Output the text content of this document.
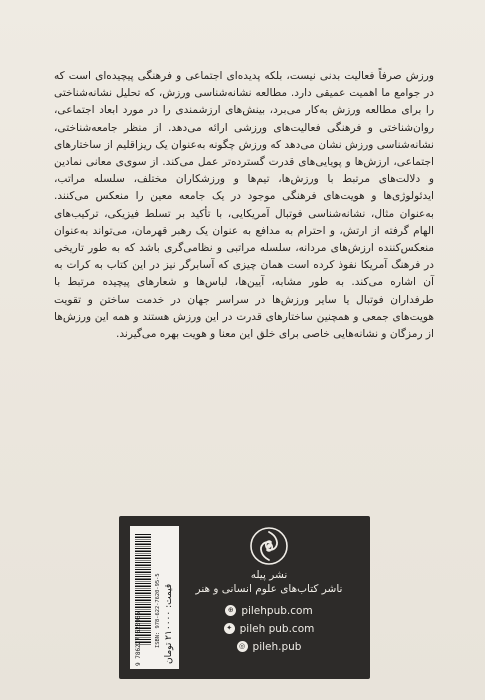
ورزش صرفاً فعالیت بدنی نیست، بلکه پدیده‌ای اجتماعی و فرهنگی پیچیده‌ای است که در جوامع ما اهمیت عمیقی دارد. مطالعه نشانه‌شناسی ورزش، که تحلیل نشانه‌شناختی را برای مطالعه ورزش به‌کار می‌برد، بینش‌های ارزشمندی را در مورد ابعاد اجتماعی، روان‌شناختی و فرهنگی فعالیت‌های ورزشی ارائه می‌دهد. از منظر جامعه‌شناختی، نشانه‌شناسی ورزش نشان می‌دهد که ورزش چگونه به‌عنوان یک ریزاقلیم از ساختارهای اجتماعی، ارزش‌ها و پویایی‌های قدرت گسترده‌تر عمل می‌کند. از سوی‌ی معانی نمادین و دلالت‌های مرتبط با ورزش‌ها، تیم‌ها و ورزشکاران مختلف، سلسله مراتب، ایدئولوژی‌ها و هویت‌های فرهنگی موجود در یک جامعه معین را منعکس می‌کنند. به‌عنوان مثال، نشانه‌شناسی فوتبال آمریکایی، با تأکید بر تسلط فیزیکی، ترکیب‌های الهام گرفته از ارتش، و احترام به مدافع به عنوان یک رهبر قهرمان، می‌تواند به‌عنوان منعکس‌کننده ارزش‌های مردانه، سلسله مراتبی و نظامی‌گری باشد که به طور تاریخی در فرهنگ آمریکا نفوذ کرده است همان چیزی که آسابرگر نیز در این کتاب به کرات به آن اشاره می‌کند. به طور مشابه، آیین‌ها، لباس‌ها و شعارهای پیچیده مرتبط با طرفداران فوتبال یا سایر ورزش‌ها در سراسر جهان در خدمت ساختن و تقویت هویت‌های جمعی و همچنین ساختارهای قدرت در این ورزش هستند و همه این ورزش‌ها از رمزگان و نشانه‌هایی خاصی برای خلق این معنا و هویت بهره می‌گیرند.

ISBN: 978-622-7620-95-5
9 786227 620955 قیمت: ۲۱۰۰۰۰ تومان
نشر پیله
ناشر کتاب‌های علوم انسانی و هنر
⊕ pilehpub.com
✦ pileh pub.com
◎ pileh.pub
